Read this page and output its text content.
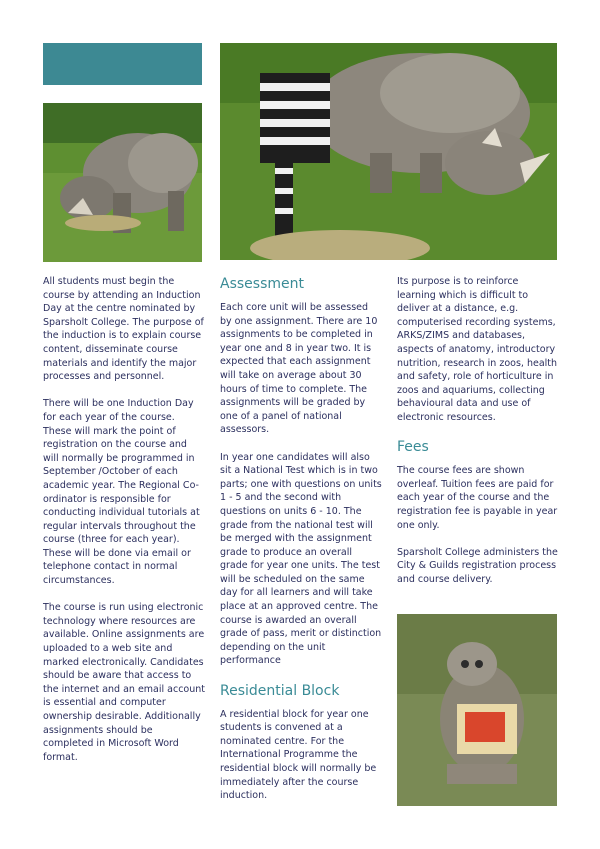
All students must begin the course by attending an Induction Day at the centre nominated by Sparsholt College. The purpose of the induction is to explain course content, disseminate course materials and identify the major processes and personnel.

There will be one Induction Day for each year of the course. These will mark the point of registration on the course and will normally be programmed in September /October of each academic year. The Regional Co-ordinator is responsible for conducting individual tutorials at regular intervals throughout the course (three for each year). These will be done via email or telephone contact in normal circumstances.

The course is run using electronic technology where resources are available. Online assignments are uploaded to a web site and marked electronically. Candidates should be aware that access to the internet and an email account is essential and computer ownership desirable. Additionally assignments should be completed in Microsoft Word format.

Assessment

Each core unit will be assessed by one assignment. There are 10 assignments to be completed in year one and 8 in year two. It is expected that each assignment will take on average about 30 hours of time to complete. The assignments will be graded by one of a panel of national assessors.

In year one candidates will also sit a National Test which is in two parts; one with questions on units 1 - 5 and the second with questions on units 6 - 10. The grade from the national test will be merged with the assignment grade to produce an overall grade for year one units. The test will be scheduled on the same day for all learners and will take place at an approved centre. The course is awarded an overall grade of pass, merit or distinction depending on the unit performance

Residential Block

A residential block for year one students is convened at a nominated centre. For the International Programme the residential block will normally be immediately after the course induction.

Its purpose is to reinforce learning which is difficult to deliver at a distance, e.g. computerised recording systems, ARKS/ZIMS and databases, aspects of anatomy, introductory nutrition, research in zoos, health and safety, role of horticulture in zoos and aquariums, collecting behavioural data and use of electronic resources.

Fees

The course fees are shown overleaf. Tuition fees are paid for each year of the course and the registration fee is payable in year one only.

Sparsholt College administers the City & Guilds registration process and course delivery.
